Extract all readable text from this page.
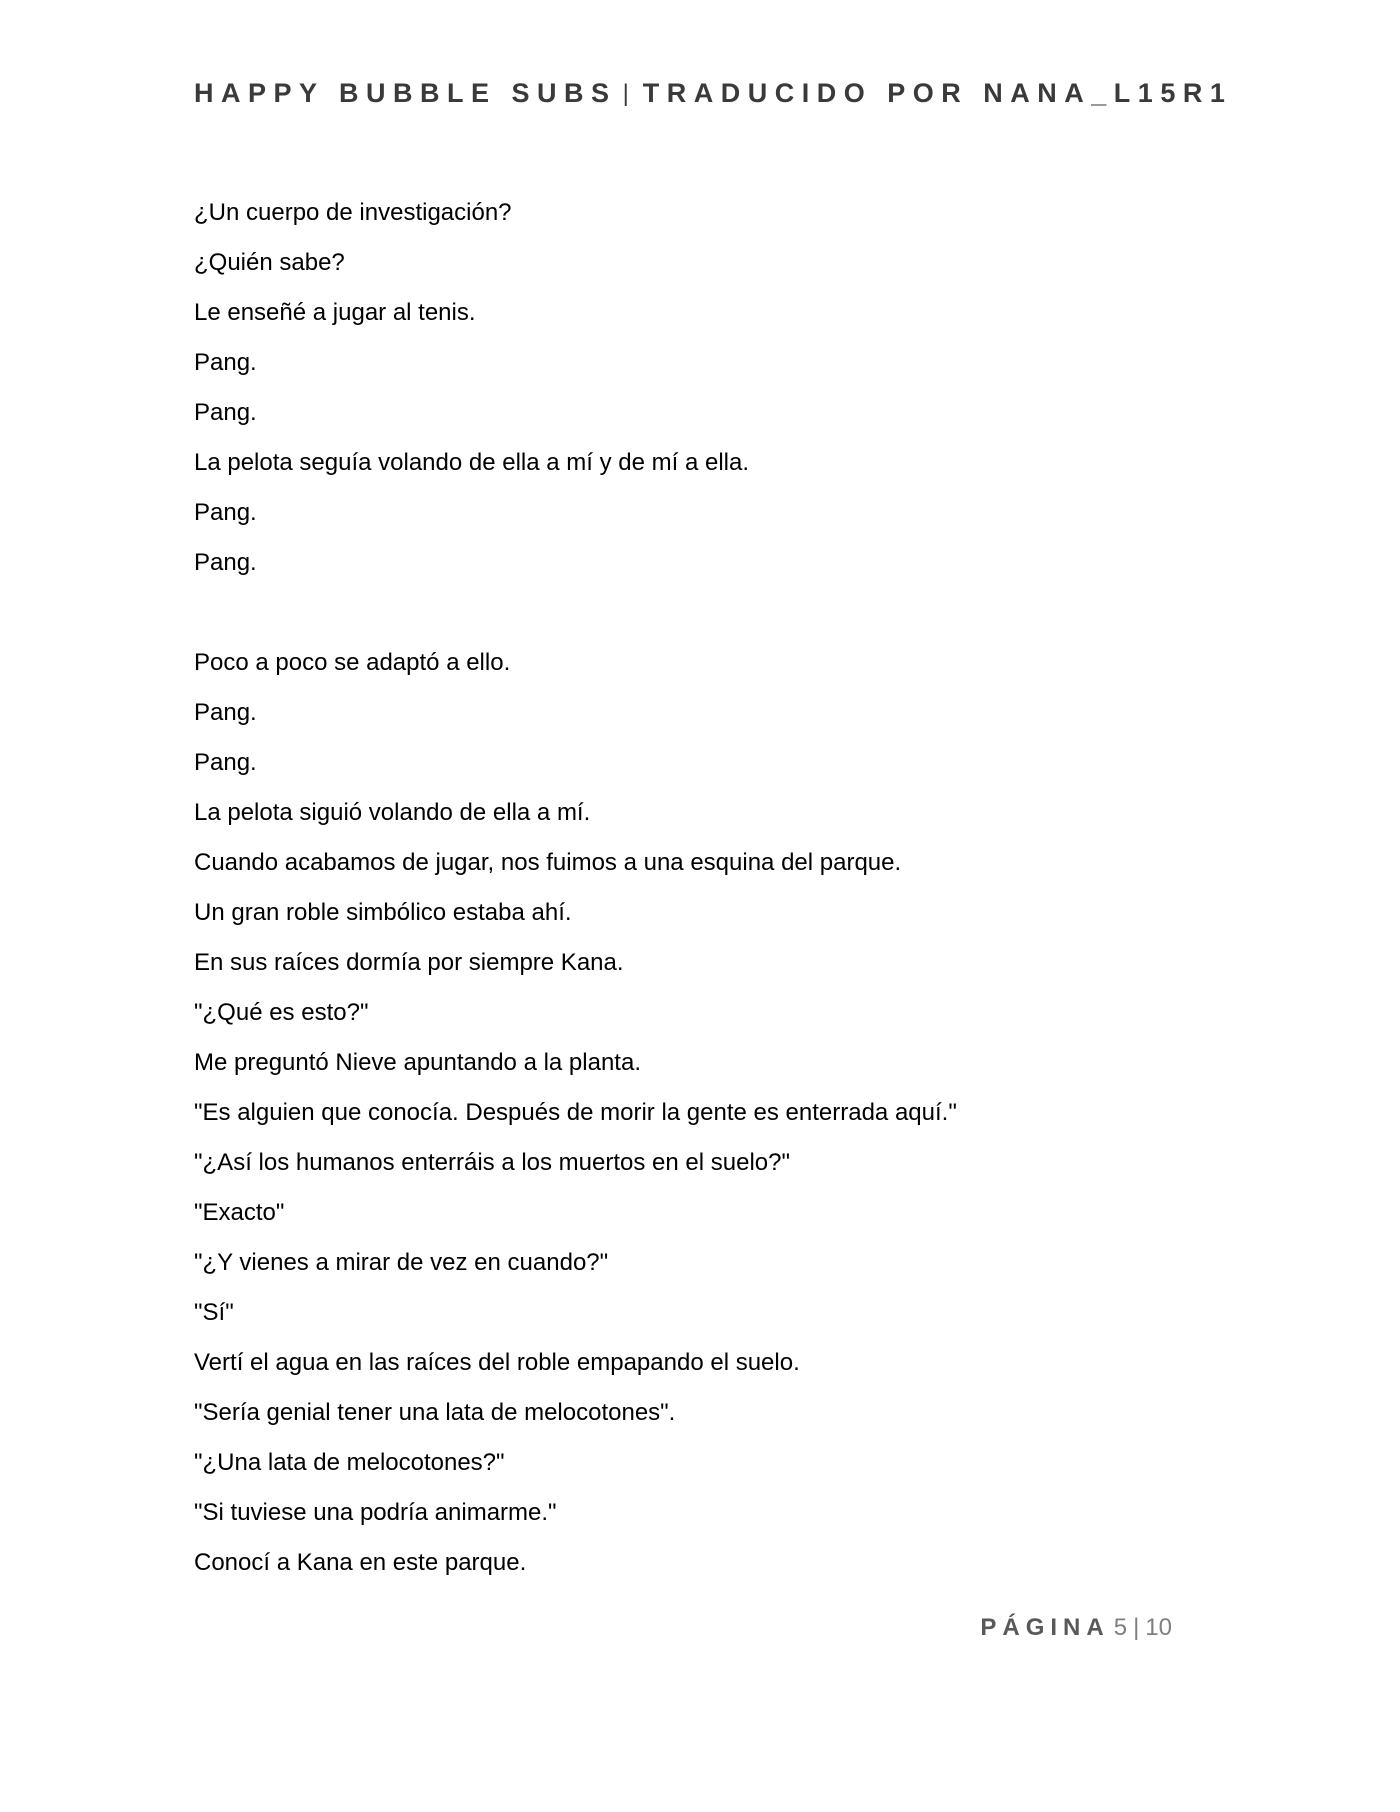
HAPPY BUBBLE SUBS | TRADUCIDO POR NANA_L15R1

¿Un cuerpo de investigación?

¿Quién sabe?

Le enseñé a jugar al tenis.

Pang.

Pang.

La pelota seguía volando de ella a mí y de mí a ella.

Pang.

Pang.

Poco a poco se adaptó a ello.

Pang.

Pang.

La pelota siguió volando de ella a mí.

Cuando acabamos de jugar, nos fuimos a una esquina del parque.

Un gran roble simbólico estaba ahí.

En sus raíces dormía por siempre Kana.

"¿Qué es esto?"

Me preguntó Nieve apuntando a la planta.

"Es alguien que conocía. Después de morir la gente es enterrada aquí."

"¿Así los humanos enterráis a los muertos en el suelo?"

"Exacto"

"¿Y vienes a mirar de vez en cuando?"

"Sí"

Vertí el agua en las raíces del roble empapando el suelo.

"Sería genial tener una lata de melocotones".

"¿Una lata de melocotones?"

"Si tuviese una podría animarme."

Conocí a Kana en este parque.

PÁGINA 5 | 10
